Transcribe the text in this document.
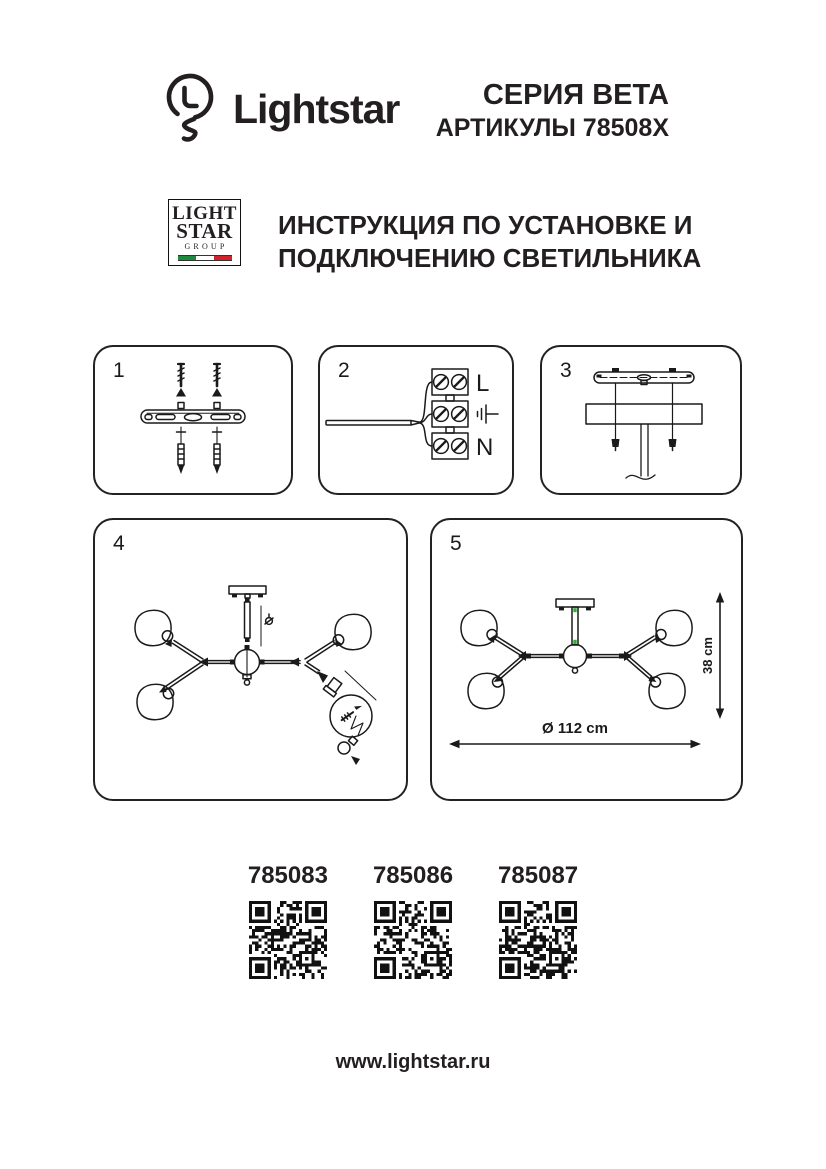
Lightstar	СЕРИЯ BETA
АРТИКУЛЫ 78508X
LIGHT
STAR
GROUP
ИНСТРУКЦИЯ ПО УСТАНОВКЕ И
ПОДКЛЮЧЕНИЮ СВЕТИЛЬНИКА
1	2	L
N
3
4	5
38 cm
Ø 112 cm
785083 785086 785087
www.lightstar.ru
